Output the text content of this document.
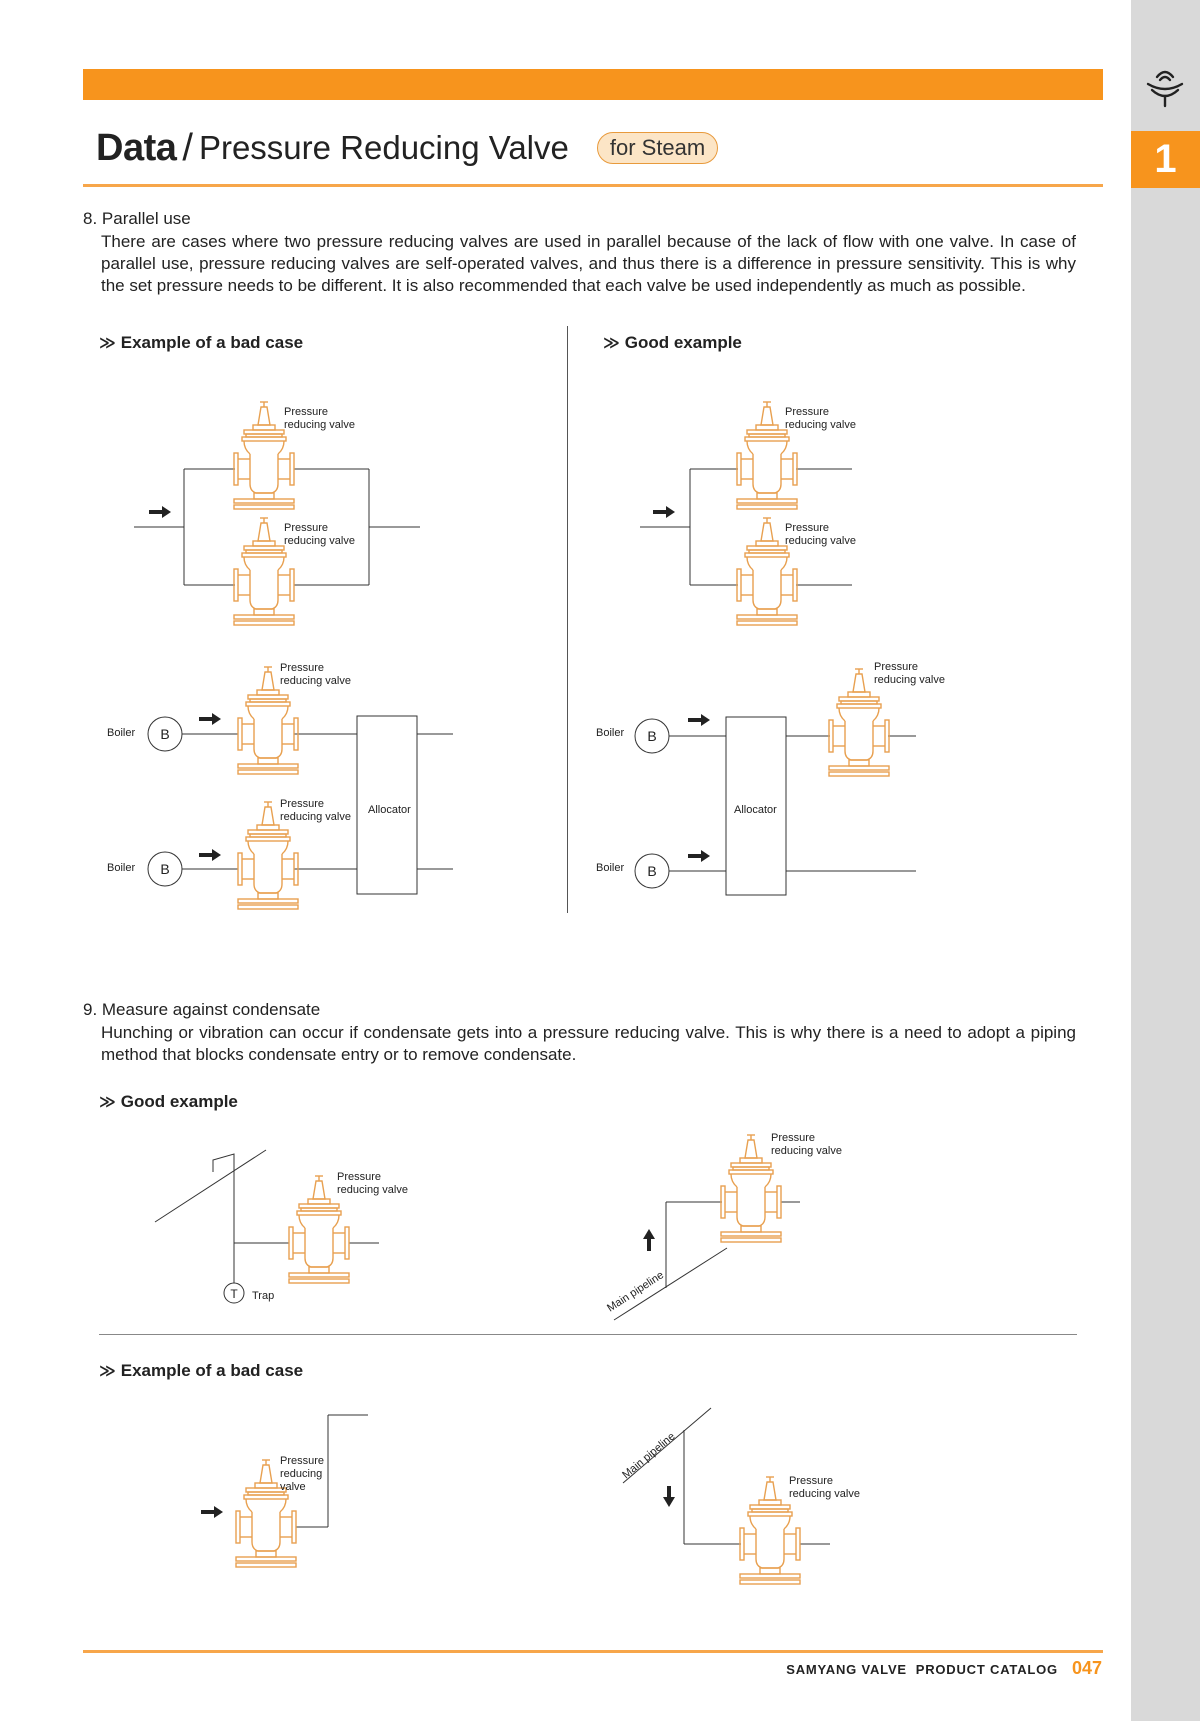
1
Data / Pressure Reducing Valve	for Steam
8. Parallel use
There are cases where two pressure reducing valves are used in parallel because of the lack of flow with one valve. In case of parallel use, pressure reducing valves are self-operated valves, and thus there is a difference in pressure sensitivity. This is why the set pressure needs to be different. It is also recommended that each valve be used independently as much as possible.
≫ Example of a bad case	≫ Good example
9. Measure against condensate
Hunching or vibration can occur if condensate gets into a pressure reducing valve. This is why there is a need to adopt a piping method that blocks condensate entry or to remove condensate.
≫ Good example
≫ Example of a bad case
Pressure
reducing valve
Pressure
reducing valve
Pressure
reducing valve
Pressure
reducing valve
B
B
Boiler
Boiler
Pressure
reducing valve
Pressure
reducing valve
Allocator
B
B
Boiler
Boiler
Pressure
reducing valve
Allocator
T Trap
Pressure
reducing valve
Pressure
reducing valve
Main pipeline
Pressure
reducing
valve	Pressure
reducing valve
Main pipeline
SAMYANG VALVE  PRODUCT CATALOG 047
